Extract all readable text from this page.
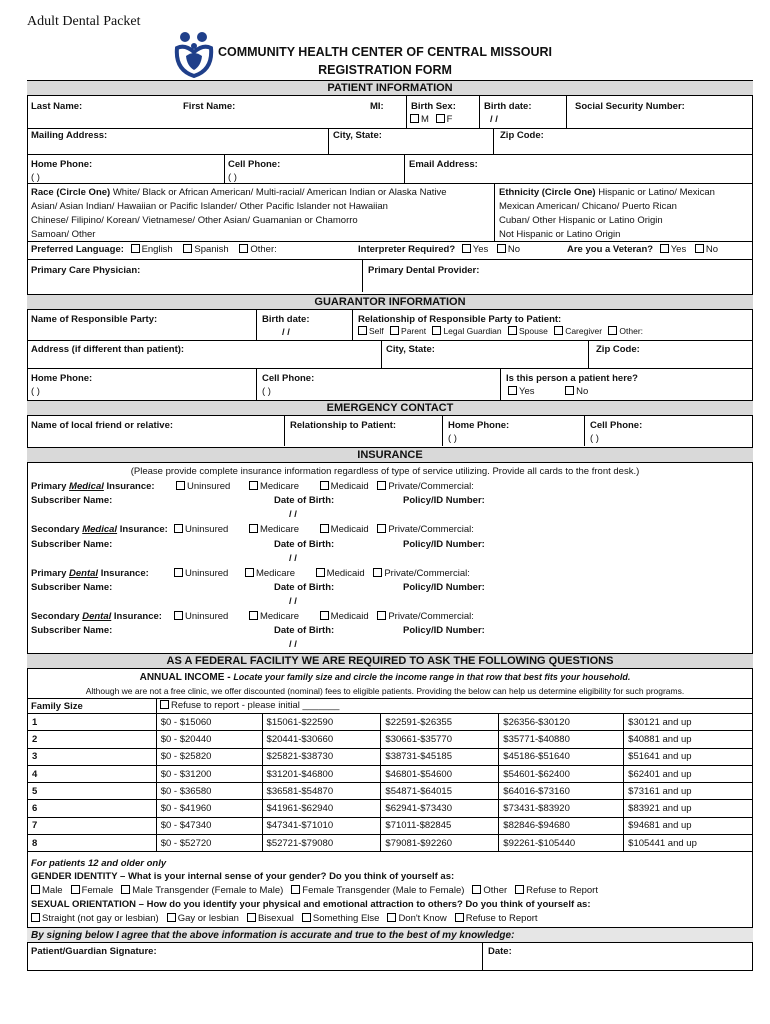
Adult Dental Packet
COMMUNITY HEALTH CENTER OF CENTRAL MISSOURI
REGISTRATION FORM
PATIENT INFORMATION
Last Name:	First Name:	MI:	Birth Sex:
M F
Birth date:
/ /
Social Security Number:
Mailing Address:	City, State:	Zip Code:
Home Phone:
( )
Cell Phone:
( )
Email Address:
Race (Circle One) White/ Black or African American/ Multi-racial/ American Indian or Alaska Native
Asian/ Asian Indian/ Hawaiian or Pacific Islander/ Other Pacific Islander not Hawaiian
Chinese/ Filipino/ Korean/ Vietnamese/ Other Asian/ Guamanian or Chamorro
Samoan/ Other
Ethnicity (Circle One) Hispanic or Latino/ Mexican
Mexican American/ Chicano/ Puerto Rican
Cuban/ Other Hispanic or Latino Origin
Not Hispanic or Latino Origin
Preferred Language: English Spanish Other:	Interpreter Required? Yes No	Are you a Veteran? Yes No
Primary Care Physician:	Primary Dental Provider:
GUARANTOR INFORMATION
Name of Responsible Party:	Birth date:
/ /
Relationship of Responsible Party to Patient:
Self Parent Legal Guardian Spouse Caregiver Other:
Address (if different than patient):	City, State:	Zip Code:
Home Phone:
( )
Cell Phone:
( )
Is this person a patient here?
Yes	No
EMERGENCY CONTACT
Name of local friend or relative:	Relationship to Patient:	Home Phone:
( )
Cell Phone:
( )
INSURANCE
(Please provide complete insurance information regardless of type of service utilizing. Provide all cards to the front desk.)
Primary Medical Insurance:	Uninsured	Medicare	Medicaid Private/Commercial:
Subscriber Name:	Date of Birth:	Policy/ID Number:
/ /
Secondary Medical Insurance:	Uninsured	Medicare	Medicaid Private/Commercial:
Subscriber Name:	Date of Birth:	Policy/ID Number:
/ /
Primary Dental Insurance:	Uninsured	Medicare	Medicaid Private/Commercial:
Subscriber Name:	Date of Birth:	Policy/ID Number:
/ /
Secondary Dental Insurance:	Uninsured	Medicare	Medicaid Private/Commercial:
Subscriber Name:	Date of Birth:	Policy/ID Number:
/ /
AS A FEDERAL FACILITY WE ARE REQUIRED TO ASK THE FOLLOWING QUESTIONS
ANNUAL INCOME - Locate your family size and circle the income range in that row that best fits your household.
Although we are not a free clinic, we offer discounted (nominal) fees to eligible patients. Providing the below can help us determine eligibility for such programs.
Family Size	Refuse to report - please initial _______
1	$0 - $15060	$15061-$22590	$22591-$26355	$26356-$30120	$30121 and up
2	$0 - $20440	$20441-$30660	$30661-$35770	$35771-$40880	$40881 and up
3	$0 - $25820	$25821-$38730	$38731-$45185	$45186-$51640	$51641 and up
4	$0 - $31200	$31201-$46800	$46801-$54600	$54601-$62400	$62401 and up
5	$0 - $36580	$36581-$54870	$54871-$64015	$64016-$73160	$73161 and up
6	$0 - $41960	$41961-$62940	$62941-$73430	$73431-$83920	$83921 and up
7	$0 - $47340	$47341-$71010	$71011-$82845	$82846-$94680	$94681 and up
8	$0 - $52720	$52721-$79080	$79081-$92260	$92261-$105440	$105441 and up
For patients 12 and older only
GENDER IDENTITY – What is your internal sense of your gender? Do you think of yourself as:
Male Female Male Transgender (Female to Male) Female Transgender (Male to Female) Other Refuse to Report
SEXUAL ORIENTATION – How do you identify your physical and emotional attraction to others? Do you think of yourself as:
Straight (not gay or lesbian) Gay or lesbian Bisexual Something Else Don't Know Refuse to Report
By signing below I agree that the above information is accurate and true to the best of my knowledge:
Patient/Guardian Signature:	Date:
